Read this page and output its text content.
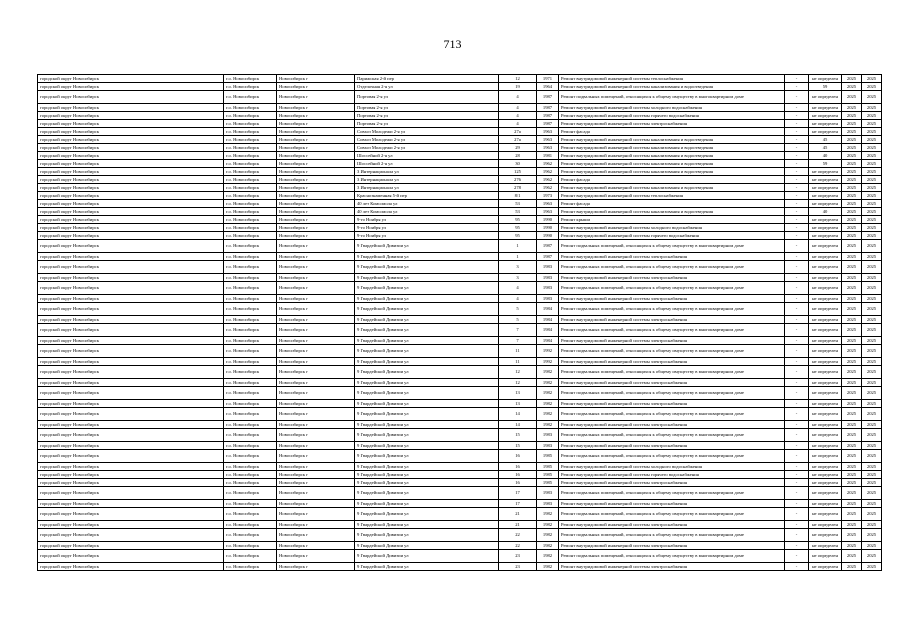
713
городской округ Новосибирск	г.о. Новосибирск	Новосибирск г	Парижская 2-й пер	12	1971	Ремонт внутридомовой инженерной системы теплоснабжения	-	не определен	2025	2025
городской округ Новосибирск	г.о. Новосибирск	Новосибирск г	Отделочная 2-я ул	19	1964	Ремонт внутридомовой инженерной системы канализования и водоотведения	-	59	2025	2025
городской округ Новосибирск	г.о. Новосибирск	Новосибирск г	Портовая 2-я ул	4	1987	Ремонт подвальных помещений, относящихся к общему имуществу в многоквартирном доме	-	не определен	2025	2025
городской округ Новосибирск	г.о. Новосибирск	Новосибирск г	Портовая 2-я ул	4	1987	Ремонт внутридомовой инженерной системы холодного водоснабжения	-	не определен	2025	2025
городской округ Новосибирск	г.о. Новосибирск	Новосибирск г	Портовая 2-я ул	4	1987	Ремонт внутридомовой инженерной системы горячего водоснабжения	-	не определен	2025	2025
городской округ Новосибирск	г.о. Новосибирск	Новосибирск г	Портовая 2-я ул	4	1987	Ремонт внутридомовой инженерной системы электроснабжения	-	не определен	2025	2025
городской округ Новосибирск	г.о. Новосибирск	Новосибирск г	Совхоз Молодежи 2-я ул	27а	1963	Ремонт фасада	-	не определен	2025	2025
городской округ Новосибирск	г.о. Новосибирск	Новосибирск г	Совхоз Молодежи 2-я ул	27а	1963	Ремонт внутридомовой инженерной системы канализования и водоотведения	-	45	2025	2025
городской округ Новосибирск	г.о. Новосибирск	Новосибирск г	Совхоз Молодежи 2-я ул	29	1963	Ремонт внутридомовой инженерной системы канализования и водоотведения	-	45	2025	2025
городской округ Новосибирск	г.о. Новосибирск	Новосибирск г	Шоссейной 2-я ул	28	1981	Ремонт внутридомовой инженерной системы канализования и водоотведения	-	40	2025	2025
городской округ Новосибирск	г.о. Новосибирск	Новосибирск г	Шоссейной 2-я ул	30	1962	Ремонт внутридомовой инженерной системы канализования и водоотведения	-	59	2025	2025
городской округ Новосибирск	г.о. Новосибирск	Новосибирск г	3 Интернационала ул	125	1962	Ремонт внутридомовой инженерной системы канализования и водоотведения	-	не определен	2025	2025
городской округ Новосибирск	г.о. Новосибирск	Новосибирск г	3 Интернационала ул	276	1962	Ремонт фасада	-	не определен	2025	2025
городской округ Новосибирск	г.о. Новосибирск	Новосибирск г	3 Интернационала ул	278	1962	Ремонт внутридомовой инженерной системы канализования и водоотведения	-	не определен	2025	2025
городской округ Новосибирск	г.о. Новосибирск	Новосибирск г	Краснознаменная 5-й пер	8/1	1973	Ремонт внутридомовой инженерной системы теплоснабжения	-	не определен	2025	2025
городской округ Новосибирск	г.о. Новосибирск	Новосибирск г	40 лет Комсомола ул	53	1963	Ремонт фасада	-	не определен	2025	2025
городской округ Новосибирск	г.о. Новосибирск	Новосибирск г	40 лет Комсомола ул	53	1963	Ремонт внутридомовой инженерной системы канализования и водоотведения	-	40	2025	2025
городской округ Новосибирск	г.о. Новосибирск	Новосибирск г	9-го Ноября ул	95	1990	Ремонт крыши	-	не определен	2025	2025
городской округ Новосибирск	г.о. Новосибирск	Новосибирск г	9-го Ноября ул	95	1990	Ремонт внутридомовой инженерной системы холодного водоснабжения	-	не определен	2025	2025
городской округ Новосибирск	г.о. Новосибирск	Новосибирск г	9-го Ноября ул	95	1990	Ремонт внутридомовой инженерной системы горячего водоснабжения	-	не определен	2025	2025
городской округ Новосибирск	г.о. Новосибирск	Новосибирск г	9 Гвардейской Дивизии ул	1	1987	Ремонт подвальных помещений, относящихся к общему имуществу в многоквартирном доме	-	не определен	2025	2025
городской округ Новосибирск	г.о. Новосибирск	Новосибирск г	9 Гвардейской Дивизии ул	1	1987	Ремонт внутридомовой инженерной системы электроснабжения	-	не определен	2025	2025
городской округ Новосибирск	г.о. Новосибирск	Новосибирск г	9 Гвардейской Дивизии ул	3	1983	Ремонт подвальных помещений, относящихся к общему имуществу в многоквартирном доме	-	не определен	2025	2025
городской округ Новосибирск	г.о. Новосибирск	Новосибирск г	9 Гвардейской Дивизии ул	3	1983	Ремонт внутридомовой инженерной системы электроснабжения	-	не определен	2025	2025
городской округ Новосибирск	г.о. Новосибирск	Новосибирск г	9 Гвардейской Дивизии ул	4	1983	Ремонт подвальных помещений, относящихся к общему имуществу в многоквартирном доме	-	не определен	2025	2025
городской округ Новосибирск	г.о. Новосибирск	Новосибирск г	9 Гвардейской Дивизии ул	4	1983	Ремонт внутридомовой инженерной системы электроснабжения	-	не определен	2025	2025
городской округ Новосибирск	г.о. Новосибирск	Новосибирск г	9 Гвардейской Дивизии ул	5	1984	Ремонт подвальных помещений, относящихся к общему имуществу в многоквартирном доме	-	не определен	2025	2025
городской округ Новосибирск	г.о. Новосибирск	Новосибирск г	9 Гвардейской Дивизии ул	5	1984	Ремонт внутридомовой инженерной системы электроснабжения	-	не определен	2025	2025
городской округ Новосибирск	г.о. Новосибирск	Новосибирск г	9 Гвардейской Дивизии ул	7	1984	Ремонт подвальных помещений, относящихся к общему имуществу в многоквартирном доме	-	не определен	2025	2025
городской округ Новосибирск	г.о. Новосибирск	Новосибирск г	9 Гвардейской Дивизии ул	7	1984	Ремонт внутридомовой инженерной системы электроснабжения	-	не определен	2025	2025
городской округ Новосибирск	г.о. Новосибирск	Новосибирск г	9 Гвардейской Дивизии ул	11	1992	Ремонт подвальных помещений, относящихся к общему имуществу в многоквартирном доме	-	не определен	2025	2025
городской округ Новосибирск	г.о. Новосибирск	Новосибирск г	9 Гвардейской Дивизии ул	11	1992	Ремонт внутридомовой инженерной системы электроснабжения	-	не определен	2025	2025
городской округ Новосибирск	г.о. Новосибирск	Новосибирск г	9 Гвардейской Дивизии ул	12	1982	Ремонт подвальных помещений, относящихся к общему имуществу в многоквартирном доме	-	не определен	2025	2025
городской округ Новосибирск	г.о. Новосибирск	Новосибирск г	9 Гвардейской Дивизии ул	12	1982	Ремонт внутридомовой инженерной системы электроснабжения	-	не определен	2025	2025
городской округ Новосибирск	г.о. Новосибирск	Новосибирск г	9 Гвардейской Дивизии ул	13	1982	Ремонт подвальных помещений, относящихся к общему имуществу в многоквартирном доме	-	не определен	2025	2025
городской округ Новосибирск	г.о. Новосибирск	Новосибирск г	9 Гвардейской Дивизии ул	13	1982	Ремонт внутридомовой инженерной системы электроснабжения	-	не определен	2025	2025
городской округ Новосибирск	г.о. Новосибирск	Новосибирск г	9 Гвардейской Дивизии ул	14	1982	Ремонт подвальных помещений, относящихся к общему имуществу в многоквартирном доме	-	не определен	2025	2025
городской округ Новосибирск	г.о. Новосибирск	Новосибирск г	9 Гвардейской Дивизии ул	14	1982	Ремонт внутридомовой инженерной системы электроснабжения	-	не определен	2025	2025
городской округ Новосибирск	г.о. Новосибирск	Новосибирск г	9 Гвардейской Дивизии ул	15	1983	Ремонт подвальных помещений, относящихся к общему имуществу в многоквартирном доме	-	не определен	2025	2025
городской округ Новосибирск	г.о. Новосибирск	Новосибирск г	9 Гвардейской Дивизии ул	15	1983	Ремонт внутридомовой инженерной системы электроснабжения	-	не определен	2025	2025
городской округ Новосибирск	г.о. Новосибирск	Новосибирск г	9 Гвардейской Дивизии ул	16	1985	Ремонт подвальных помещений, относящихся к общему имуществу в многоквартирном доме	-	не определен	2025	2025
городской округ Новосибирск	г.о. Новосибирск	Новосибирск г	9 Гвардейской Дивизии ул	16	1985	Ремонт внутридомовой инженерной системы холодного водоснабжения	-	не определен	2025	2025
городской округ Новосибирск	г.о. Новосибирск	Новосибирск г	9 Гвардейской Дивизии ул	16	1985	Ремонт внутридомовой инженерной системы горячего водоснабжения	-	не определен	2025	2025
городской округ Новосибирск	г.о. Новосибирск	Новосибирск г	9 Гвардейской Дивизии ул	16	1985	Ремонт внутридомовой инженерной системы электроснабжения	-	не определен	2025	2025
городской округ Новосибирск	г.о. Новосибирск	Новосибирск г	9 Гвардейской Дивизии ул	17	1983	Ремонт подвальных помещений, относящихся к общему имуществу в многоквартирном доме	-	не определен	2025	2025
городской округ Новосибирск	г.о. Новосибирск	Новосибирск г	9 Гвардейской Дивизии ул	17	1983	Ремонт внутридомовой инженерной системы электроснабжения	-	не определен	2025	2025
городской округ Новосибирск	г.о. Новосибирск	Новосибирск г	9 Гвардейской Дивизии ул	21	1982	Ремонт подвальных помещений, относящихся к общему имуществу в многоквартирном доме	-	не определен	2025	2025
городской округ Новосибирск	г.о. Новосибирск	Новосибирск г	9 Гвардейской Дивизии ул	21	1982	Ремонт внутридомовой инженерной системы электроснабжения	-	не определен	2025	2025
городской округ Новосибирск	г.о. Новосибирск	Новосибирск г	9 Гвардейской Дивизии ул	22	1982	Ремонт подвальных помещений, относящихся к общему имуществу в многоквартирном доме	-	не определен	2025	2025
городской округ Новосибирск	г.о. Новосибирск	Новосибирск г	9 Гвардейской Дивизии ул	22	1982	Ремонт внутридомовой инженерной системы электроснабжения	-	не определен	2025	2025
городской округ Новосибирск	г.о. Новосибирск	Новосибирск г	9 Гвардейской Дивизии ул	23	1982	Ремонт подвальных помещений, относящихся к общему имуществу в многоквартирном доме	-	не определен	2025	2025
городской округ Новосибирск	г.о. Новосибирск	Новосибирск г	9 Гвардейской Дивизии ул	23	1982	Ремонт внутридомовой инженерной системы электроснабжения	-	не определен	2025	2025
